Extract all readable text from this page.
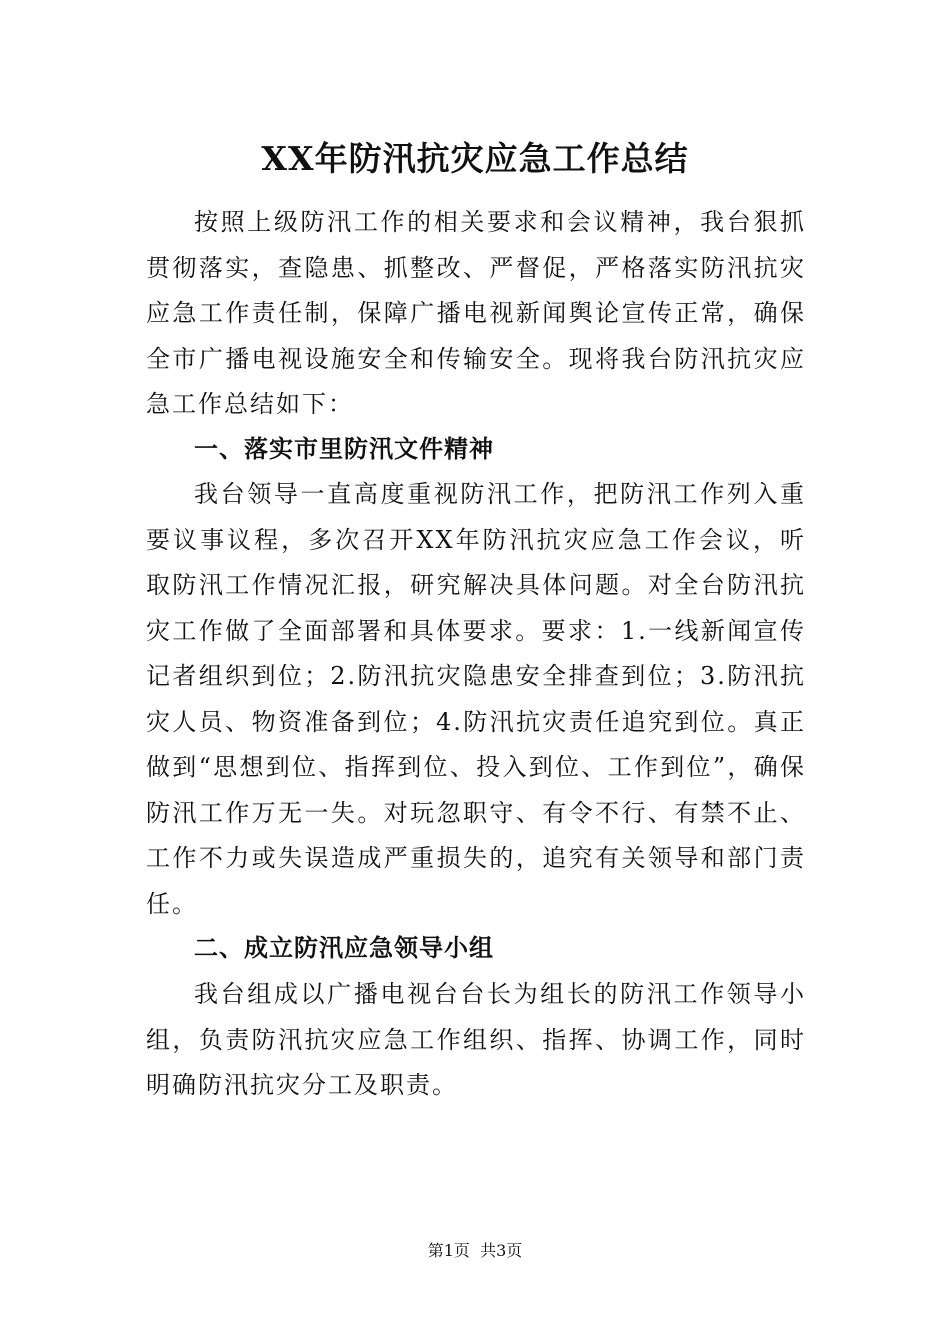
XX年防汛抗灾应急工作总结

按照上级防汛工作的相关要求和会议精神，我台狠抓贯彻落实，查隐患、抓整改、严督促，严格落实防汛抗灾应急工作责任制，保障广播电视新闻舆论宣传正常，确保全市广播电视设施安全和传输安全。现将我台防汛抗灾应急工作总结如下：

一、落实市里防汛文件精神

我台领导一直高度重视防汛工作，把防汛工作列入重要议事议程，多次召开XX年防汛抗灾应急工作会议，听取防汛工作情况汇报，研究解决具体问题。对全台防汛抗灾工作做了全面部署和具体要求。要求：1.一线新闻宣传记者组织到位；2.防汛抗灾隐患安全排查到位；3.防汛抗灾人员、物资准备到位；4.防汛抗灾责任追究到位。真正做到“思想到位、指挥到位、投入到位、工作到位”，确保防汛工作万无一失。对玩忽职守、有令不行、有禁不止、工作不力或失误造成严重损失的，追究有关领导和部门责任。

二、成立防汛应急领导小组

我台组成以广播电视台台长为组长的防汛工作领导小组，负责防汛抗灾应急工作组织、指挥、协调工作，同时明确防汛抗灾分工及职责。

第1页  共3页
